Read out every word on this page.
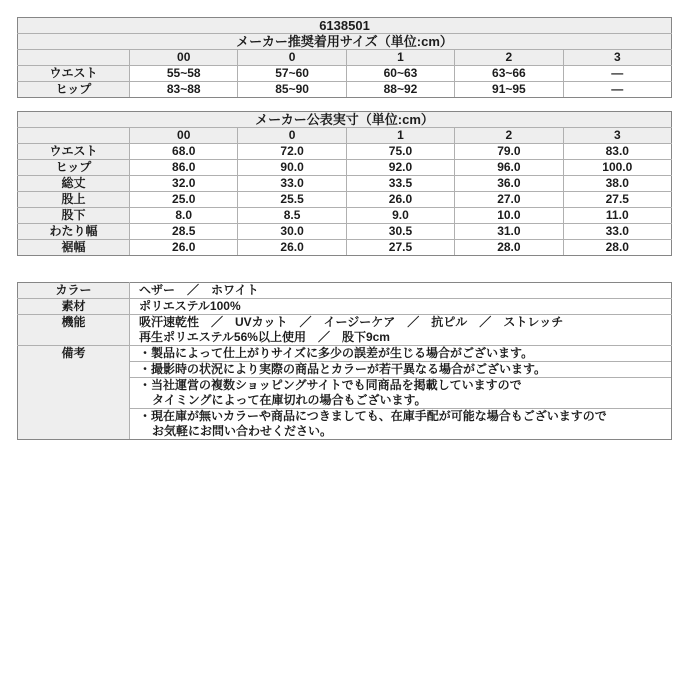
6138501					
メーカー推奨着用サイズ（単位:cm）					
	00	0	1	2	3
ウエスト	55~58	57~60	60~63	63~66	―
ヒップ	83~88	85~90	88~92	91~95	―
メーカー公表実寸（単位:cm）					
	00	0	1	2	3
ウエスト	68.0	72.0	75.0	79.0	83.0
ヒップ	86.0	90.0	92.0	96.0	100.0
総丈	32.0	33.0	33.5	36.0	38.0
股上	25.0	25.5	26.0	27.0	27.5
股下	8.0	8.5	9.0	10.0	11.0
わたり幅	28.5	30.0	30.5	31.0	33.0
裾幅	26.0	26.0	27.5	28.0	28.0
カラー	ヘザー　／　ホワイト
素材	ポリエステル100%
機能	吸汗速乾性　／　UVカット　／　イージーケア　／　抗ピル　／　ストレッチ
再生ポリエステル56%以上使用　／　股下9cm

備考	・製品によって仕上がりサイズに多少の誤差が生じる場合がございます。
・撮影時の状況により実際の商品とカラーが若干異なる場合がございます。
・当社運営の複数ショッピングサイトでも同商品を掲載していますので
タイミングによって在庫切れの場合もございます。
・現在庫が無いカラーや商品につきましても、在庫手配が可能な場合もございますので
お気軽にお問い合わせください。
